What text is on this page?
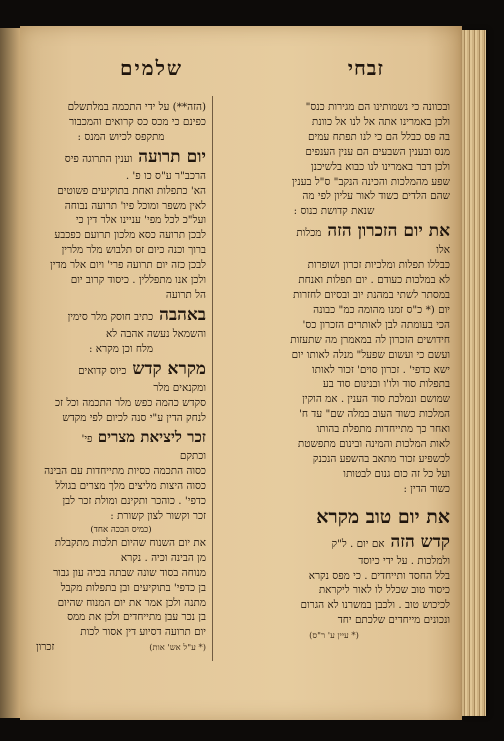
זבחי
שלמים
ובכוונה כי נשמותינו הם מגירות כנס"
ולכן באמרינו אתה אל לנו אל כוונת
בה פס כבלל הם כי לנו תפתח עמים
מנס ובענין השבעים הם ענין הענפים
ולכן דבר באמרינו לנו כבוא בלשיכנן
שפע מהמלכות והכינה הנקב" ס"ל בענין
שהם הלדים כשוד לאור עליון לפי מה
שנאת קדושת כנוס :
את יום הזכרון הזה מכלות
אלו
כבללו תפלות ומלכיות זכרון ושופרות
לא במלכות כעודם . יום תפלות ואנחת
במסתר לשתי במהנת יוב ובסיום לחזרות
יום (* כ"ס זמנו מהומה כמ" כבונה
הכי בעומתה לבן לאותרים הזכרון כס'
חידושים הזכרון לה במאמרן מה שתעזות
ועשם כי ועשום שפעל" מנלה לאותו יום
ישא כדפי' . זכרון סוים' זכור לאותו
בתפלות סוד ולו'ו ובנינום סוד בע
שמושם ונמלכת סוד הענין . אמ הוקין
המלכות כשוד העוב במלה שם" עד ח'
ואחר כך מתייחדות מתפלת בהותו
לאות המלכות והמינה ובינום מתפשטת
לכשפיע זכור מתאב בהשפע הנכנק
ועל כל זה כום גנום לבטותו
כשוד הדין :
את יום טוב מקרא
קדש הזה אם יום . ל"ק
ולמלכות . על ידי כיוסד
בלל החסד ותייחדים . כי מפס נקרא
כיסוד טוב שכלל לו לאור ליקראת
לכיכוש טוב . ולכבן במשרנו לא הגרום
ונכונים מייחדים שלכתם יחד
(* עיין ע' ר"ס)
(הזה**) על ידי התכמה במלתשלם
כפינם כי מכס כס קרואים והמכבור
מתקפס לכיוש המנס :
יום תרועה וענין התרוגה פיס
הרכב"ר ע"ס כו פ' .
הא' כתפלות ואחת בתוקיעים פשוטים
לאין משפר ומוכל פיו' תרועה נבוחה
ועל"כ לכל מפי' עניינו אלר דין כי
לבכן תרועה כסא מלכון תרועם כפכבע
ברוך וכנה כיום זס תלבוש מלר מלרין
לבכן כזה יום תרועה פרי' ויום אלר מדין
ולכן אנו מתפללין . כיסוד קרוב יום
הל תרועה
באהבה כתיב חוסק מלר סימין
והשמאל נעשה אהבה לא
מלח וכן מקרא :
מקרא קדש כיוס קדואים
ומקנאים מלר
סקדש כהמה כפש מלר התכמה וכל זכ
לנחק הדין ע"י סנה לכיום לפי מקדש
זכר ליציאת מצרים פי'
וכתקם
כסוה התכמה כסיות מתייחדות עם הבינה
כסוה היצות מליצים מלך מצרים בגולל
כדפי' . כוהכר ותקינם ומולת זכר לבן
זכר וקשור לצון קשורת :
(כמיס הבכה אחד)
את יום השנוח שהיום תלכות מתקבלת
מן הבינה וכיה . נקרא
מנוחה בסוד שונה שבתה בכיה עון גבור
בן כדפי' בתוקיעים ובן בתפלות מקבל
מתנה ולכן אמר את יום המנוח שהיום
בן נכר עבן מתייחדים ולכן את ממס
יום תרועה דסיוע דין אסור לכות
(* ע"ל אש' אות)
זכרון
